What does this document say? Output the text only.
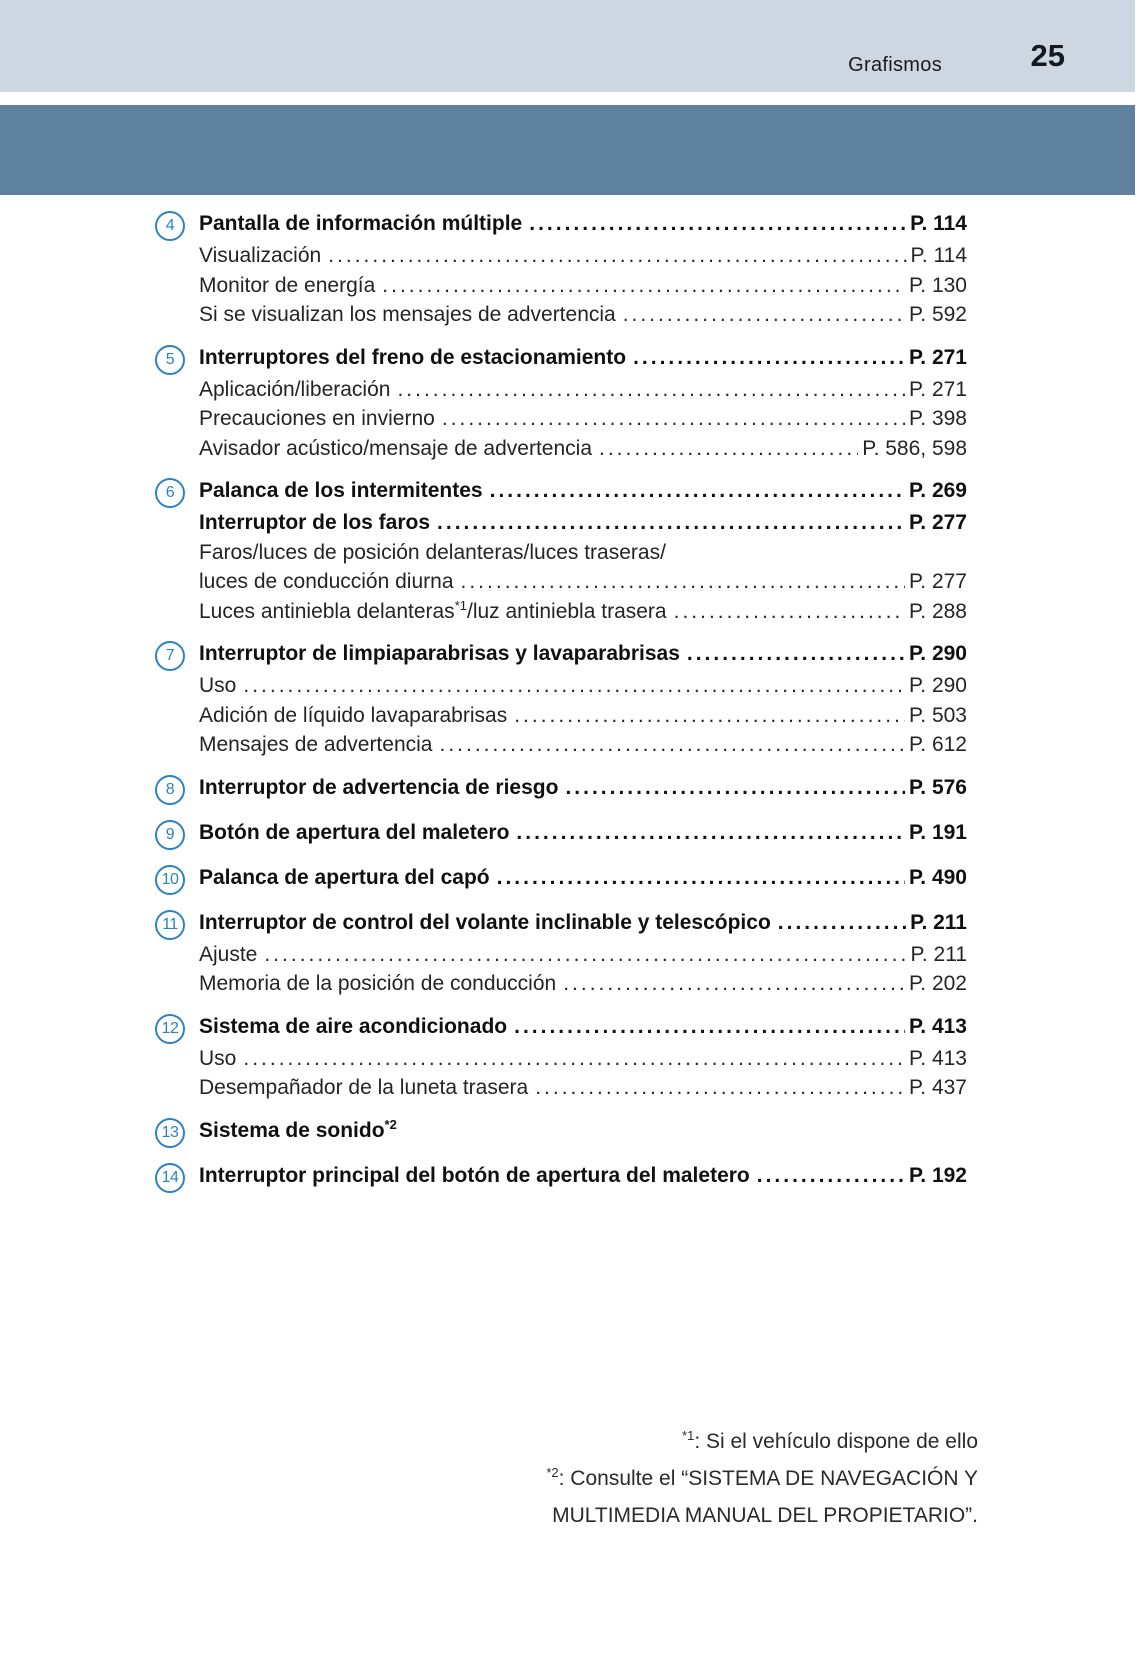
Grafismos	25
4	Pantalla de información múltiple .....	P. 114
Visualización .....	P. 114
Monitor de energía .....	P. 130
Si se visualizan los mensajes de advertencia .....	P. 592
5	Interruptores del freno de estacionamiento .....	P. 271
Aplicación/liberación .....	P. 271
Precauciones en invierno .....	P. 398
Avisador acústico/mensaje de advertencia .....	P. 586, 598
6	Palanca de los intermitentes .....	P. 269
Interruptor de los faros .....	P. 277
Faros/luces de posición delanteras/luces traseras/
luces de conducción diurna .....	P. 277
Luces antiniebla delanteras$^{*1}$/luz antiniebla trasera .....	P. 288
7	Interruptor de limpiaparabrisas y lavaparabrisas .....	P. 290
Uso .....	P. 290
Adición de líquido lavaparabrisas .....	P. 503
Mensajes de advertencia .....	P. 612
8	Interruptor de advertencia de riesgo .....	P. 576
9	Botón de apertura del maletero .....	P. 191
10 Palanca de apertura del capó .....	P. 490
11	Interruptor de control del volante inclinable y telescópico .....	P. 211
Ajuste .....	P. 211
Memoria de la posición de conducción .....	P. 202
12 Sistema de aire acondicionado .....	P. 413
Uso .....	P. 413
Desempañador de la luneta trasera .....	P. 437
13 Sistema de sonido$^{*2}$
14 Interruptor principal del botón de apertura del maletero .....	P. 192
$^{*1}$: Si el vehículo dispone de ello
$^{*2}$: Consulte el “SISTEMA DE NAVEGACIÓN Y
MULTIMEDIA MANUAL DEL PROPIETARIO”.
